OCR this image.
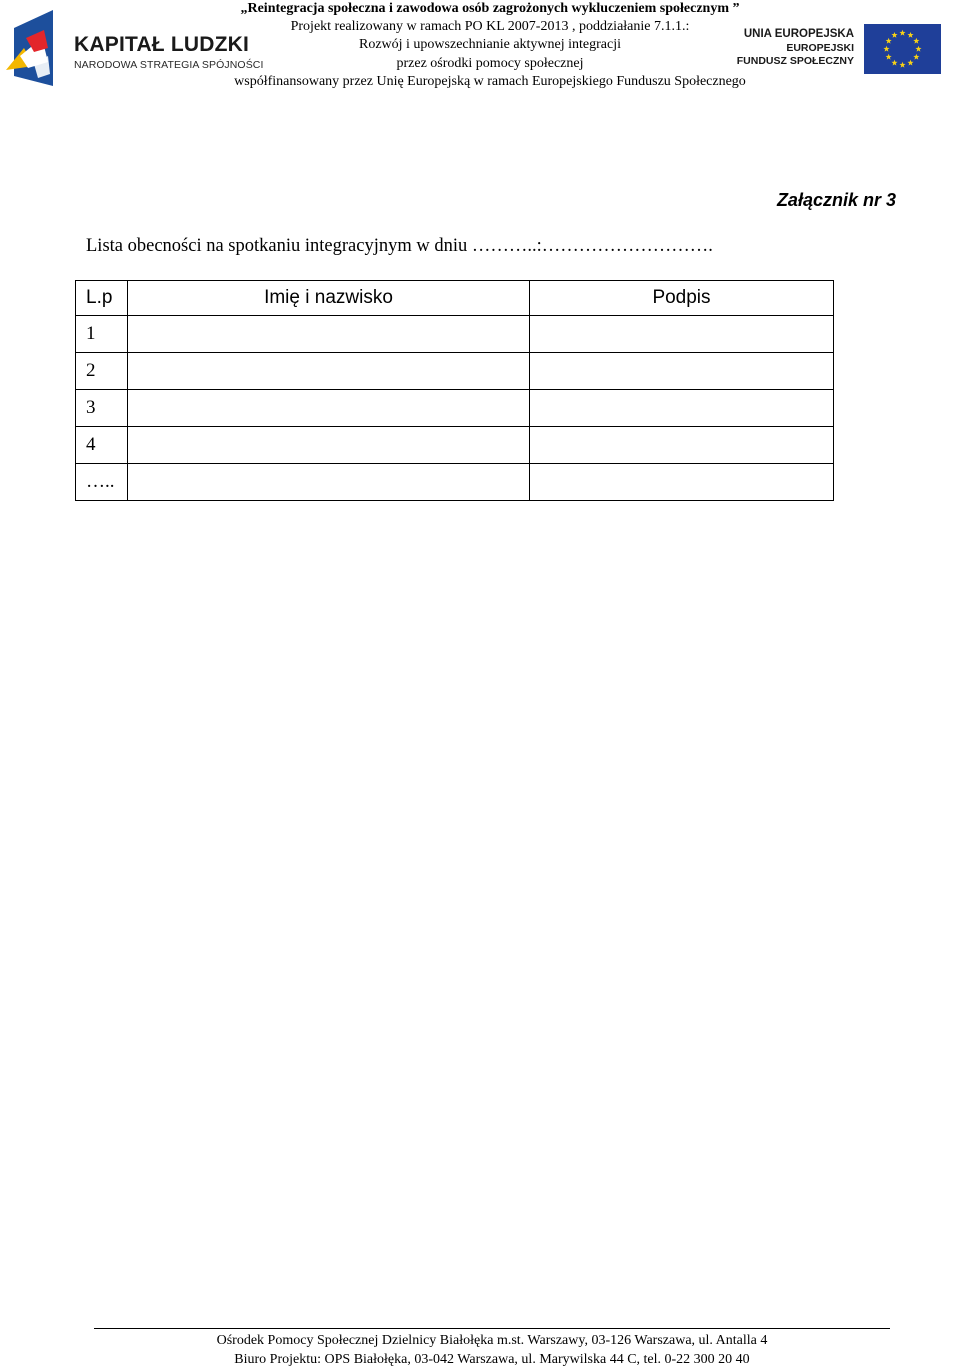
KAPITAŁ LUDZKI
NARODOWA STRATEGIA SPÓJNOŚCI
„Reintegracja społeczna i zawodowa osób zagrożonych wykluczeniem społecznym ”
Projekt realizowany w ramach PO KL 2007-2013 , poddziałanie 7.1.1.:
Rozwój i upowszechnianie aktywnej integracji
przez ośrodki pomocy społecznej
współfinansowany przez Unię Europejską w ramach Europejskiego Funduszu Społecznego
UNIA EUROPEJSKA
EUROPEJSKI
FUNDUSZ SPOŁECZNY
Załącznik nr 3
Lista obecności na spotkaniu integracyjnym w dniu ………..:……………………….
L.p	Imię i nazwisko	Podpis
1		
2		
3		
4		
…..		
Ośrodek Pomocy Społecznej Dzielnicy Białołęka m.st. Warszawy, 03-126 Warszawa, ul. Antalla 4
Biuro Projektu: OPS Białołęka, 03-042 Warszawa, ul. Marywilska 44 C, tel. 0-22 300 20 40
